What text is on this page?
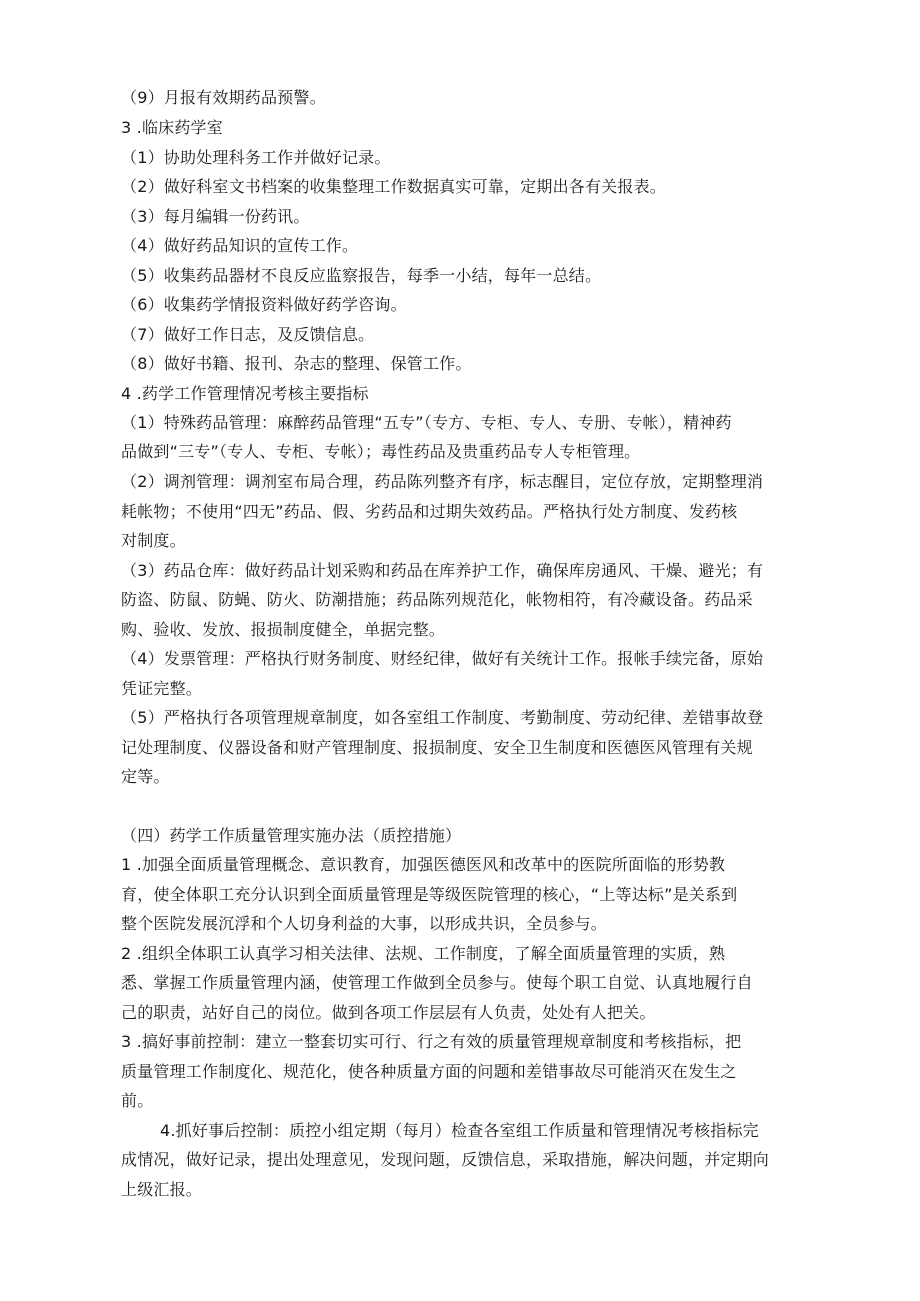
（9）月报有效期药品预警。
3 .临床药学室
（1）协助处理科务工作并做好记录。
（2）做好科室文书档案的收集整理工作数据真实可靠，定期出各有关报表。
（3）每月编辑一份药讯。
（4）做好药品知识的宣传工作。
（5）收集药品器材不良反应监察报告，每季一小结，每年一总结。
（6）收集药学情报资料做好药学咨询。
（7）做好工作日志，及反馈信息。
（8）做好书籍、报刊、杂志的整理、保管工作。
4 .药学工作管理情况考核主要指标
（1）特殊药品管理：麻醉药品管理“五专”（专方、专柜、专人、专册、专帐），精神药
品做到“三专”（专人、专柜、专帐）；毒性药品及贵重药品专人专柜管理。
（2）调剂管理：调剂室布局合理，药品陈列整齐有序，标志醒目，定位存放，定期整理消
耗帐物；不使用“四无”药品、假、劣药品和过期失效药品。严格执行处方制度、发药核
对制度。
（3）药品仓库：做好药品计划采购和药品在库养护工作，确保库房通风、干燥、避光；有
防盗、防鼠、防蝇、防火、防潮措施；药品陈列规范化，帐物相符，有冷藏设备。药品采
购、验收、发放、报损制度健全，单据完整。
（4）发票管理：严格执行财务制度、财经纪律，做好有关统计工作。报帐手续完备，原始
凭证完整。
（5）严格执行各项管理规章制度，如各室组工作制度、考勤制度、劳动纪律、差错事故登
记处理制度、仪器设备和财产管理制度、报损制度、安全卫生制度和医德医风管理有关规
定等。
（四）药学工作质量管理实施办法（质控措施）
1 .加强全面质量管理概念、意识教育，加强医德医风和改革中的医院所面临的形势教
育，使全体职工充分认识到全面质量管理是等级医院管理的核心，“上等达标”是关系到
整个医院发展沉浮和个人切身利益的大事，以形成共识，全员参与。
2 .组织全体职工认真学习相关法律、法规、工作制度，了解全面质量管理的实质，熟
悉、掌握工作质量管理内涵，使管理工作做到全员参与。使每个职工自觉、认真地履行自
己的职责，站好自己的岗位。做到各项工作层层有人负责，处处有人把关。
3 .搞好事前控制：建立一整套切实可行、行之有效的质量管理规章制度和考核指标，把
质量管理工作制度化、规范化，使各种质量方面的问题和差错事故尽可能消灭在发生之
前。
4.抓好事后控制：质控小组定期（每月）检查各室组工作质量和管理情况考核指标完
成情况，做好记录，提出处理意见，发现问题，反馈信息，采取措施，解决问题，并定期向
上级汇报。
